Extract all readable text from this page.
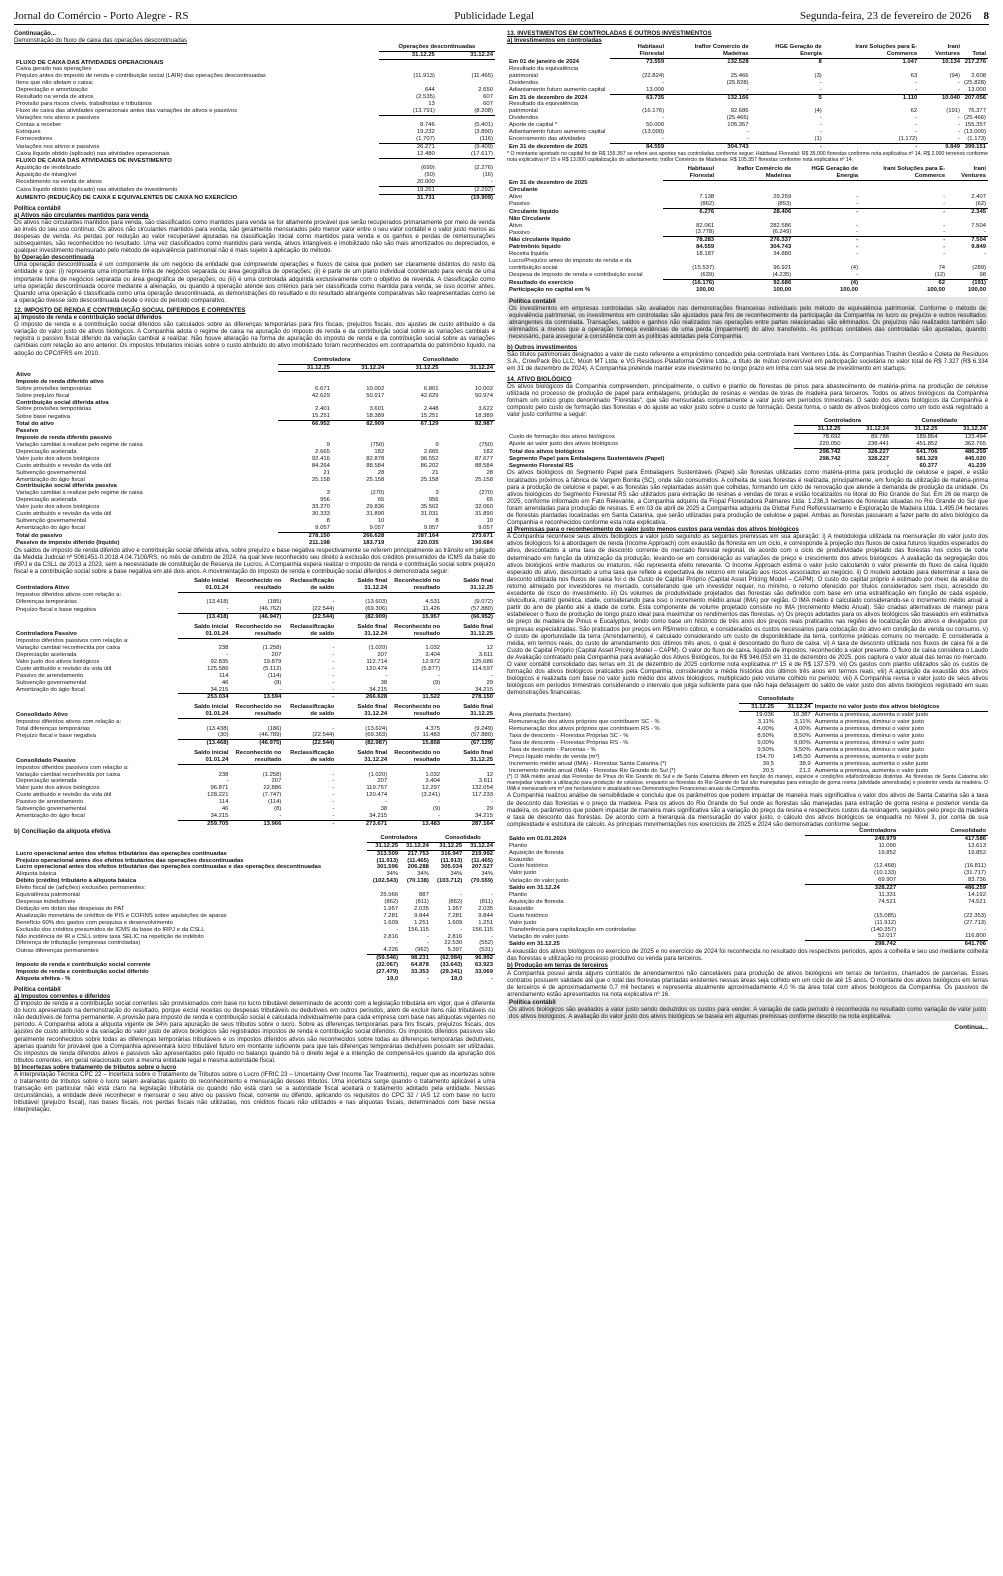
Jornal do Comércio - Porto Alegre - RS	Publicidade Legal	Segunda-feira, 23 de fevereiro de 2026 8
Continuação...
Demonstração do fluxo de caixa das operações descontinuadas
	Operações descontinuadas	
	31.12.25	31.12.24
FLUXO DE CAIXA DAS ATIVIDADES OPERACIONAIS		
Caixa gerado nas operações		
Prejuízo antes do imposto de renda e contribuição social (LAIR) das operações descontinuadas	(11.913)	(11.465)
Itens que não afetam o caixa:		
Depreciação e amortização	644	2.650
Resultado na venda de ativos	(2.535)	607
Provisão para riscos cíveis, trabalhistas e tributários	13	607
Fluxo de caixa das atividades operacionais antes das variações de ativos e passivos	(13.791)	(8.208)
Variações nos ativos e passivos		
Contas a receber	8.746	(5.401)
Estoques	19.232	(3.890)
Fornecedores	(1.707)	(116)
Variações nos ativos e passivos	26.271	(9.409)
Caixa líquido obtido (aplicado) nas atividades operacionais	12.480	(17.617)
FLUXO DE CAIXA DAS ATIVIDADES DE INVESTIMENTO		
Aquisição de imobilizado	(699)	(2.276)
Aquisição de intangível	(50)	(16)
Recebimento na venda de ativos	20.000	-
Caixa líquido obtido (aplicado) nas atividades de investimento	19.251	(2.292)
AUMENTO (REDUÇÃO) DE CAIXA E EQUIVALENTES DE CAIXA NO EXERCÍCIO	31.731	(19.909)
Política contábil
a) Ativos não circulantes mantidos para venda

Os ativos não circulantes mantidos para venda, são classificados como mantidos para venda se for altamente provável que serão recuperados primariamente por meio de venda ao invés do seu uso contínuo. Os ativos não circulantes mantidos para venda, são geralmente mensurados pelo menor valor entre o seu valor contábil e o valor justo menos as despesas de venda. As perdas por redução ao valor recuperável apuradas na classificação inicial como mantidos para venda e os ganhos e perdas de remensurações subsequentes, são reconhecidos no resultado. Uma vez classificados como mantidos para venda, ativos intangíveis e imobilizado não são mais amortizados ou depreciados, e qualquer investimento mensurado pelo método de equivalência patrimonial não é mais sujeito à aplicação do método.

b) Operação descontinuada

Uma operação descontinuada é um componente de um negócio da entidade que compreende operações e fluxos de caixa que podem ser claramente distintos do resto da entidade e que: (i) representa uma importante linha de negócios separada ou área geográfica de operações; (ii) é parte de um plano individual coordenado para venda de uma importante linha de negócios separada ou área geográfica de operações; ou (iii) é uma controlada adquirida exclusivamente com o objetivo de revenda. A classificação como uma operação descontinuada ocorre mediante a alienação, ou quando a operação atende aos critérios para ser classificada como mantida para venda, se isso ocorrer antes. Quando uma operação é classificada como uma operação descontinuada, as demonstrações do resultado e do resultado abrangente comparativas são reapresentadas como se a operação tivesse sido descontinuada desde o início do período comparativo.

12. IMPOSTO DE RENDA E CONTRIBUIÇÃO SOCIAL DIFERIDOS E CORRENTES
a) Imposto de renda e contribuição social diferidos

O imposto de renda e a contribuição social diferidos são calculados sobre as diferenças temporárias para fins fiscais, prejuízos fiscais, dos ajustes de custo atribuído e da variação do valor justo de ativos biológicos. A Companhia adota o regime de caixa na apuração do imposto de renda e da contribuição social sobre as variações cambiais e registra o passivo fiscal diferido da variação cambial a realizar. Não houve alteração na forma de apuração do imposto de renda e da contribuição social sobre as variações cambiais com relação ao ano anterior. Os impostos tributários iniciais sobre o custo atribuído do ativo imobilizado foram reconhecidos em contrapartida do patrimônio líquido, na adoção do CPC/IFRS em 2010.

	Controladora		Consolidado	
	31.12.25	31.12.24	31.12.25	31.12.24
Ativo				
Imposto de renda diferido ativo				
Sobre provisões temporárias	6.671	10.002	6.801	10.002
Sobre prejuízo fiscal	42.629	50.917	42.629	50.974
Contribuição social diferida ativa				
Sobre provisões temporárias	2.401	3.601	2.448	3.622
Sobre base negativa	15.251	18.389	15.251	18.389
Total do ativo	66.952	82.909	67.129	82.987
Passivo				
Imposto de renda diferido passivo				
Variação cambial a realizar pelo regime de caixa	9	(750)	9	(750)
Depreciação acelerada	2.665	182	2.665	182
Valor justo dos ativos biológicos	92.416	82.878	96.552	87.677
Custo atribuído e revisão da vida útil	84.264	88.584	86.202	88.584
Subvenção governamental	21	28	21	28
Amortização do ágio fiscal	25.158	25.158	25.158	25.158
Contribuição social diferida passiva				
Variação cambial a realizar pelo regime de caixa	3	(270)	3	(270)
Depreciação acelerada	956	65	956	65
Valor justo dos ativos biológicos	33.270	29.836	35.502	32.060
Custo atribuído e revisão da vida útil	30.333	31.890	31.031	31.890
Subvenção governamental	8	10	8	10
Amortização do ágio fiscal	9.057	9.057	9.057	9.057
Total do passivo	278.150	266.628	287.164	273.671
Passivo de imposto diferido (líquido)	211.198	183.719	220.035	190.684

Os saldos de imposto de renda diferido ativo e contribuição social diferida ativa, sobre prejuízo e base negativa respectivamente se referem principalmente ao trânsito em julgado da Medida Judicial nº 5061451-0.2018.4.04.7100/RS, no mês de outubro de 2024, na qual teve reconhecido seu direito à exclusão dos créditos presumidos de ICMS da base do IRPJ e da CSLL de 2013 a 2023, sem a necessidade de constituição de Reserva de Lucros. A Companhia espera realizar o imposto de renda e contribuição social sobre prejuízo fiscal e a contribuição social sobre a base negativa em até dois anos. A movimentação do imposto de renda e contribuição social diferidos é demonstrada seguir:

Controladora Ativo	Saldo inicial 01.01.24	Reconhecido no resultado	Reclassificação de saldo	Saldo final 31.12.24	Reconhecido no resultado	Saldo final 31.12.25
Impostos diferidos ativos com relação a:						
Diferenças temporárias	(13.418)	(185)	-	(13.603)	4.531	(9.072)
Prejuízo fiscal e base negativa	-	(46.762)	(22.544)	(69.306)	11.426	(57.880)
	(13.418)	(46.947)	(22.544)	(82.909)	15.957	(66.952)
Controladora Passivo	Saldo inicial 01.01.24	Reconhecido no resultado	Reclassificação de saldo	Saldo final 31.12.24	Reconhecido no resultado	Saldo final 31.12.25
Impostos diferidos passivos com relação a:						
Variação cambial reconhecida por caixa	238	(1.258)	-	(1.020)	1.032	12
Depreciação acelerada	-	207	-	207	3.404	3.611
Valor justo dos ativos biológicos	92.835	19.879	-	112.714	12.972	125.686
Custo atribuído e revisão da vida útil	125.586	(5.112)	-	120.474	(5.877)	114.597
Passivo de arrendamento	114	(114)	-	-	-	-
Subvenção governamental	46	(8)	-	38	(9)	29
Amortização do ágio fiscal	34.215	-	-	34.215	-	34.215
	253.034	13.594	-	266.628	11.522	278.150
Consolidado Ativo	Saldo inicial 01.01.24	Reconhecido no resultado	Reclassificação de saldo	Saldo final 31.12.24	Reconhecido no resultado	Saldo final 31.12.25
Impostos diferidos ativos com relação a:						
Total diferenças temporárias	(13.438)	(186)	-	(13.624)	4.375	(9.249)
Prejuízo fiscal e base negativa	(30)	(46.789)	(22.544)	(69.363)	11.483	(57.880)
	(13.468)	(46.975)	(22.544)	(82.987)	15.858	(67.129)
Consolidado Passivo	Saldo inicial 01.01.24	Reconhecido no resultado	Reclassificação de saldo	Saldo final 31.12.24	Reconhecido no resultado	Saldo final 31.12.25
Impostos diferidos passivos com relação a:						
Variação cambial reconhecida por caixa	238	(1.258)	-	(1.020)	1.032	12
Depreciação acelerada	-	207	-	207	3.404	3.611
Valor justo dos ativos biológicos	96.871	22.886	-	119.757	12.297	132.054
Custo atribuído e revisão da vida útil	128.221	(7.747)	-	120.474	(3.241)	117.233
Passivo de arrendamento	114	(114)	-	-	-	-
Subvenção governamental	46	(8)	-	38	(9)	29
Amortização do ágio fiscal	34.215	-	-	34.215	-	34.215
	259.705	13.966	-	273.671	13.483	287.164
b) Conciliação da alíquota efetiva
	Controladora		Consolidado	
	31.12.25	31.12.24	31.12.25	31.12.24
Lucro operacional antes dos efeitos tributários das operações continuadas	313.509	217.753	316.947	219.992
Prejuízo operacional antes dos efeitos tributários das operações descontinuadas	(11.913)	(11.465)	(11.913)	(11.465)
Lucro operacional antes dos efeitos tributários das operações continuadas e das operações descontinuadas	301.596	206.288	305.034	207.527
Alíquota básica	34%	34%	34%	34%
Débito (crédito) tributário à alíquota básica	(102.543)	(70.138)	(103.712)	(70.559)
Efeito fiscal de (adições) exclusões permanentes:				
Equivalência patrimonial	25.966	887	-	-
Despesas indedutíveis	(862)	(811)	(862)	(811)
Dedução em dobro das despesas do PAT	1.957	2.035	1.957	2.035
Atualização monetária de créditos de PIS e COFINS sobre aquisições de aparas	7.281	9.844	7.281	9.844
Benefício 60% dos gastos com pesquisa e desenvolvimento	1.609	1.251	1.609	1.251
Exclusão dos créditos presumidos de ICMS da base do IRPJ e da CSLL	-	156.115	-	156.115
Não incidência de IR e CSLL sobre taxa SELIC na repetição de indébito	2.816	-	2.816	-
Diferença de tributação (empresas controladas)	-	-	22.530	(552)
Outras diferenças permanentes	4.226	(962)	5.397	(531)
	(59.546)	98.231	(62.984)	96.992
Imposto de renda e contribuição social corrente	(32.067)	64.878	(33.643)	63.923
Imposto de renda e contribuição social diferido	(27.479)	33.353	(29.341)	33.069
Alíquota efetiva - %	19,0	-	19,0	-
Política contábil
a) Impostos correntes e diferidos

O imposto de renda e a contribuição social correntes são provisionados com base no lucro tributável determinado de acordo com a legislação tributária em vigor, que é diferente do lucro apresentado na demonstração do resultado, porque exclui receitas ou despesas tributáveis ou dedutíveis em outros períodos, além de excluir itens não tributáveis ou não dedutíveis de forma permanente. A provisão para imposto de renda e contribuição social é calculada individualmente para cada empresa com base nas alíquotas vigentes no período. A Companhia adota a alíquota vigente de 34% para apuração de seus tributos sobre o lucro. Sobre as diferenças temporárias para fins fiscais, prejuízos fiscais, dos ajustes de custo atribuído e da variação do valor justo de ativos biológicos são registrados impostos de renda e contribuição social diferidos. Os impostos diferidos passivos são geralmente reconhecidos sobre todas as diferenças temporárias tributáveis e os impostos diferidos ativos são reconhecidos sobre todas as diferenças temporárias dedutíveis, apenas quando for provável que a Companhia apresentará lucro tributável futuro em montante suficiente para que tais diferenças temporárias dedutíveis possam ser utilizadas. Os impostos de renda diferidos ativos e passivos são apresentados pelo líquido no balanço quando há o direito legal e a intenção de compensá-los quando da apuração dos tributos correntes, em geral relacionado com a mesma entidade legal e mesma autoridade fiscal.

b) Incertezas sobre tratamento de tributos sobre o lucro

A Interpretação Técnica CPC 22 – Incerteza sobre o Tratamento de Tributos sobre o Lucro (IFRIC 23 – Uncertainty Over Income Tax Treatments), requer que as incertezas sobre o tratamento de tributos sobre o lucro sejam avaliadas quanto do reconhecimento e mensuração desses tributos. Uma incerteza surge quando o tratamento aplicável a uma transação em particular não está claro na legislação tributária ou quando não está claro se a autoridade fiscal aceitará o tratamento adotado pela entidade. Nessas circunstâncias, a entidade deve reconhecer e mensurar o seu ativo ou passivo fiscal, corrente ou diferido, aplicando os requisitos do CPC 32 / IAS 12 com base no lucro tributável (prejuízo fiscal), nas bases fiscais, nos perdas fiscais não utilizadas, nos créditos fiscais não utilizados e nas alíquotas fiscais, determinados com base nessa interpretação.

13. INVESTIMENTOS EM CONTROLADAS E OUTROS INVESTIMENTOS
a) Investimentos em controladas
	Habitasul Florestal	Iraflor Comércio de Madeiras	HGE Geração de Energia	Irani Soluções para E-Commerce	Irani Ventures	Total
Em 01 de janeiro de 2024	73.559	132.528	8	1.047	10.134	217.276
Resultado da equivalência patrimonial	(22.824)	25.466	(3)	63	(94)	2.608
Dividendos	-	(25.828)	-	-	-	(25.828)
Adiantamento futuro aumento capital	13.000	-	-	-	-	13.000
Em 31 de dezembro de 2024	63.735	132.166	5	1.110	10.040	207.056
Resultado da equivalência patrimonial	(16.176)	92.686	(4)	62	(191)	76.377
Dividendos	-	(25.466)	-	-	-	(25.466)
Aporte de capital *	50.000	105.357	-	-	-	155.357
Adiantamento futuro aumento capital	(13.000)	-	-	-	-	(13.000)
Encerramento das atividades	-	-	(1)	(1.172)	-	(1.173)
Em 31 de dezembro de 2025	84.559	304.743	-	-	9.849	399.151

* O montante aportado no capital foi de R$ 155.357 se refere aos aportes nas controladas conforme segue: Habitasul Florestal: R$ 35.000 florestas conforme nota explicativa nº 14, R$ 2.000 terrenos conforme nota explicativa nº 15 e R$ 13.000 capitalização do adiantamento; Iraflor Comércio de Madeiras: R$ 105.357 florestas conforme nota explicativa nº 14;

	Habitasul Florestal	Iraflor Comércio de Madeiras	HGE Geração de Energia	Irani Soluções para E-Commerce	Irani Ventures
Em 31 de dezembro de 2025					
Circulante					
Ativo	7.138	29.259	-	-	2.407
Passivo	(862)	(853)	-	-	(62)
Circulante líquido	6.276	28.406	-	-	2.345
Não Circulante					
Ativo	82.061	282.586	-	-	7.504
Passivo	(3.778)	(6.249)	-	-	-
Não circulante líquido	78.283	276.337	-	-	7.504
Patrimônio líquido	84.559	304.743	-	-	9.849

Receita líquida	18.187	34.880	-	-	-
Lucro/Prejuízo antes do imposto de renda e da contribuição social	(15.537)	96.921	(4)	74	(289)
Despesa de imposto de renda e contribuição social	(639)	(4.235)	-	(12)	98
Resultado do exercício	(16.176)	92.686	(4)	62	(191)

Participação no capital em %	100,00	100,00	100,00	100,00	100,00
Política contábil

Os investimentos em empresas controladas são avaliados nas demonstrações financeiras individuais pelo método de equivalência patrimonial. Conforme o método de equivalência patrimonial, os investimentos em controladas são ajustados para fins de reconhecimento da participação da Companhia no lucro ou prejuízo e outros resultados abrangentes da controlada. Transações, saldos e ganhos não realizados nas operações entre partes relacionadas são eliminados. Os prejuízos não realizados também são eliminados a menos que a operação forneça evidências de uma perda (impairment) do ativo transferido. As políticas contábeis das controladas são ajustadas, quando necessário, para assegurar a consistência com as políticas adotadas pela Companhia.

b) Outros investimentos

São títulos patrimoniais designados a valor de custo referente a empréstimo concedido pela controlada Irani Ventures Ltda. às Companhias Trashin Gestão e Coleta de Resíduos S.A., CrowPack Bio LLC, Mush MT Ltda. e VG Resíduos Plataforma Online Ltda., a título de mútuo conversível em participação societária no valor total de R$ 7.327 (R$ 6.334 em 31 de dezembro de 2024). A Companhia pretende manter este investimento no longo prazo em linha com sua tese de investimento em startups.

14. ATIVO BIOLÓGICO

Os ativos biológicos da Companhia compreendem, principalmente, o cultivo e plantio de florestas de pinus para abastecimento de matéria-prima na produção de celulose utilizada no processo de produção de papel para embalagens, produção de resinas e vendas de toras de madeira para terceiros. Todos os ativos biológicos da Companhia formam um único grupo denominado "Florestas", que são mensuradas conjuntamente a valor justo em períodos trimestrais. O saldo dos ativos biológicos da Companhia é composto pelo custo de formação das florestas e do ajuste ao valor justo sobre o custo de formação. Desta forma, o saldo de ativos biológicos como um todo está registrado a valor justo conforme a seguir:

	Controladora		Consolidado	
	31.12.25	31.12.24	31.12.25	31.12.24
Custo de formação dos ativos biológicos	78.692	89.786	189.854	123.494
Ajuste ao valor justo dos ativos biológicos	220.050	238.441	451.852	362.765
Total dos ativos biológicos	298.742	328.227	641.706	486.259

Segmento Papel para Embalagens Sustentáveis (Papel)	298.742	328.227	581.329	445.020
Segmento Florestal RS	-	-	60.377	41.239

Os ativos biológicos do Segmento Papel para Embalagens Sustentáveis (Papel) são florestas utilizadas como matéria-prima para produção de celulose e papel, e estão localizados próximos à fábrica de Vargem Bonita (SC), onde são consumidos. A colheita de suas florestas é realizada, principalmente, em função da utilização de matéria-prima para a produção de celulose e papel, e as florestas são replantadas assim que colhidas, formando um ciclo de renovação que atende à demanda de produção da unidade. Os ativos biológicos do Segmento Florestal RS são utilizados para extração de resinas e vendas de toras e estão localizados no litoral do Rio Grande do Sul. Em 26 de março de 2025, conforme informado em Fato Relevante, a Companhia adquiriu da Fiopal Florestadora Palmares Ltda. 1.236,3 hectares de florestas situadas no Rio Grande do Sul que foram arrendadas para produção de resinas. E em 03 de abril de 2025 a Companhia adquiriu da Global Fund Reflorestamento e Exploração de Madeira Ltda. 1.495,04 hectares de florestas plantadas localizadas em Santa Catarina, que serão utilizadas para produção de celulose e papel. Ambas as florestas passaram a fazer parte do ativo biológico da Companhia e reconhecidos conforme esta nota explicativa.

a) Premissas para o reconhecimento do valor justo menos custos para vendas dos ativos biológicos

A Companhia reconhece seus ativos biológicos a valor justo seguindo as seguintes premissas em sua apuração: i) A metodologia utilizada na mensuração do valor justo dos ativos biológicos foi a abordagem de renda (Income Approach) com exaustão da floresta em um ciclo, e corresponde à projeção dos fluxos de caixa futuros líquidos esperados do ativo, descontados a uma taxa de desconto corrente do mercado florestal regional, de acordo com o ciclo de produtividade projetado das florestas nos ciclos de corte determinado em função da otimização da produção, levando-se em consideração as variações de preço e crescimento dos ativos biológicos. A avaliação da segregação dos ativos biológicos entre maduros ou imaturos, não representa efeito relevante. O Income Approach estima o valor justo calculando o valor presente do fluxo de caixa líquido esperado do ativo, descontado a uma taxa que reflete a expectativa de retorno em relação aos riscos associados ao negócio. ii) O modelo adotado para determinar a taxa de desconto utilizada nos fluxos de caixa foi o de Custo de Capital Próprio (Capital Asset Pricing Model – CAPM). O custo do capital próprio é estimado por meio da análise do retorno almejado por investidores no mercado, considerando que um investidor requer, no mínimo, o retorno oferecido por títulos considerados sem risco, acrescido do excedente de risco do investimento. iii) Os volumes de produtividade projetados das florestas são definidos com base em uma estratificação em função de cada espécie, silvicultura, matriz genética, idade, considerando para isso o incremento médio anual (IMA) por região. O IMA médio é calculado considerando-se o incremento médio anual a partir do ano de plantio até a idade de corte. Esta componente de volume projetado consiste no IMA (Incremento Médio Anual). São criadas alternativas de manejo para estabelecer o fluxo de produção de longo prazo ideal para maximizar os rendimentos das florestas. iv) Os preços adotados para os ativos biológicos são baseados em estimativa de preço de madeira de Pinus e Eucalyptus, tendo como base um histórico de três anos dos preços reais praticados nas regiões de localização dos ativos e divulgados por empresas especializadas. São praticados por preços em R$/metro cúbico, e considerados os custos necessários para colocação do ativo em condição de venda ou consumo. v) O custo de oportunidade da terra (Arrendamento), é calculado considerando um custo de disponibilidade da terra, conforme práticas comuns no mercado. E considerada a média, em termos reais, do custo de arrendamento dos últimos três anos, o qual é descontado do fluxo de caixa. vi) A taxa de desconto utilizada nos fluxos de caixa foi a de Custo de Capital Próprio (Capital Asset Pricing Model – CAPM). O valor do fluxo de caixa, líquido de impostos, reconhecido a valor presente. O fluxo de caixa considera o Laudo de Avaliação contratado pela Companhia para avaliação dos Ativos Biológicos, foi de R$ 946.053 em 31 de dezembro de 2025, pois captura o valor atual das terras no mercado. O valor contábil consolidado das terras em 31 de dezembro de 2025 conforme nota explicativa nº 15 é de R$ 137.579. vii) Os gastos com plantio utilizados são os custos de formação dos ativos biológicos praticados pela Companhia, considerando a média histórica dos últimos três anos em termos reais; viii) A apuração da exaustão dos ativos biológicos é realizada com base no valor justo médio dos ativos biológicos, multiplicado pelo volume colhido no período; viii) A Companhia revisa o valor justo de seus ativos biológicos em períodos trimestrais considerando o intervalo que julga suficiente para que não haja defasagem do saldo de valor justo dos ativos biológicos registrado em suas demonstrações financeiras.

	Consolidado		
	31.12.25	31.12.24	Impacto no valor justo dos ativos biológicos
Área plantada (hectare)	19.036	16.387	Aumenta a premissa, aumenta o valor justo
Remuneração dos ativos próprios que contribuem SC - %	3,11%	3,11%	Aumenta a premissa, diminui o valor justo
Remuneração dos ativos próprios que contribuem RS - %	4,00%	4,00%	Aumenta a premissa, diminui o valor justo
Taxa de desconto - Florestas Próprias SC - %	8,50%	8,50%	Aumenta a premissa, diminui o valor justo
Taxa de desconto - Florestas Próprias RS - %	9,00%	9,00%	Aumenta a premissa, diminui o valor justo
Taxa de desconto - Parcerias - %	9,50%	9,50%	Aumenta a premissa, diminui o valor justo
Preço líquido médio de venda (m³)	154,70	145,50	Aumenta a premissa, aumenta o valor justo
Incremento médio anual (IMA) - Florestas Santa Catarina (*)	39,5	38,9	Aumenta a premissa, aumenta o valor justo
Incremento médio anual (IMA) - Florestas Rio Grande do Sul (*)	20,5	21,2	Aumenta a premissa, aumenta o valor justo

(*) O IMA médio anual das Florestas de Pinus do Rio Grande do Sul e de Santa Catarina diferem em função do manejo, espécie e condições edafoclimáticas distintas. As florestas de Santa Catarina são manejadas visando a utilização para produção de celulose, enquanto as florestas do Rio Grande do Sul são manejadas para extração de goma resina (atividade amendoada) e posterior venda da madeira. O IMA é mensurado em m³ por hectare/ano e atualizado nas Demonstrações Financeiras anuais da Companhia.

A Companhia realizou análise de sensibilidade e concluiu que os parâmetros que podem impactar de maneira mais significativa o valor dos ativos de Santa Catarina são a taxa de desconto das florestas e o preço da madeira. Para os ativos do Rio Grande do Sul onde as florestas são manejadas para extração de goma resina e posterior venda da madeira, os parâmetros que podem impactar de maneira mais significativa são a variação do preço da resina e respectivos custos da resinagem, seguidos pelo preço da madeira e taxa de desconto das florestas. De acordo com a hierarquia da mensuração do valor justo, o cálculo dos ativos biológicos se enquadra no Nível 3, por conta de sua complexidade e estrutura de cálculo. As principais movimentações nos exercícios de 2025 e 2024 são demonstradas conforme segue:

	Controladora	Consolidado
Saldo em 01.01.2024	249.979	417.586
Plantio	11.090	13.613
Aquisição de floresta	19.852	19.852
Exaustão		
Custo histórico	(12.468)	(16.811)
Valor justo	(10.133)	(31.717)
Variação do valor justo	69.907	83.736
Saldo em 31.12.24	328.227	486.259
Plantio	11.331	14.192
Aquisição de floresta	74.521	74.521
Exaustão		
Custo histórico	(15.085)	(22.353)
Valor justo	(11.912)	(27.713)
Transferência para capitalização em controladas	(140.357)	-
Variação do valor justo	52.017	116.800
Saldo em 31.12.25	298.742	641.706

A exaustão dos ativos biológicos no exercício de 2025 e no exercício de 2024 foi reconhecida no resultado dos respectivos períodos, após a colheita e seu uso mediante colheita das florestas e utilização no processo produtivo ou venda para terceiros.

b) Produção em terras de terceiros

A Companhia possui ainda alguns contratos de arrendamentos não canceláveis para produção de ativos biológicos em terras de terceiros, chamados de parcerias. Esses contratos possuem validade até que o total das florestas plantadas existentes nessas áreas seja colhido em um ciclo de até 15 anos. O montante dos ativos biológicos em terras de terceiros é de aproximadamente 0,7 mil hectares e representa atualmente aproximadamente 4,0 % da área total com ativos biológicos da Companhia. Os passivos de arrendamento estão apresentados na nota explicativa nº 16.

Política contábil

Os ativos biológicos são avaliados a valor justo sendo deduzidos os custos para vender. A variação de cada período é reconhecida no resultado como variação de valor justo dos ativos biológicos. A avaliação do valor justo dos ativos biológicos se baseia em algumas premissas conforme descrito na nota explicativa.

Continua...
